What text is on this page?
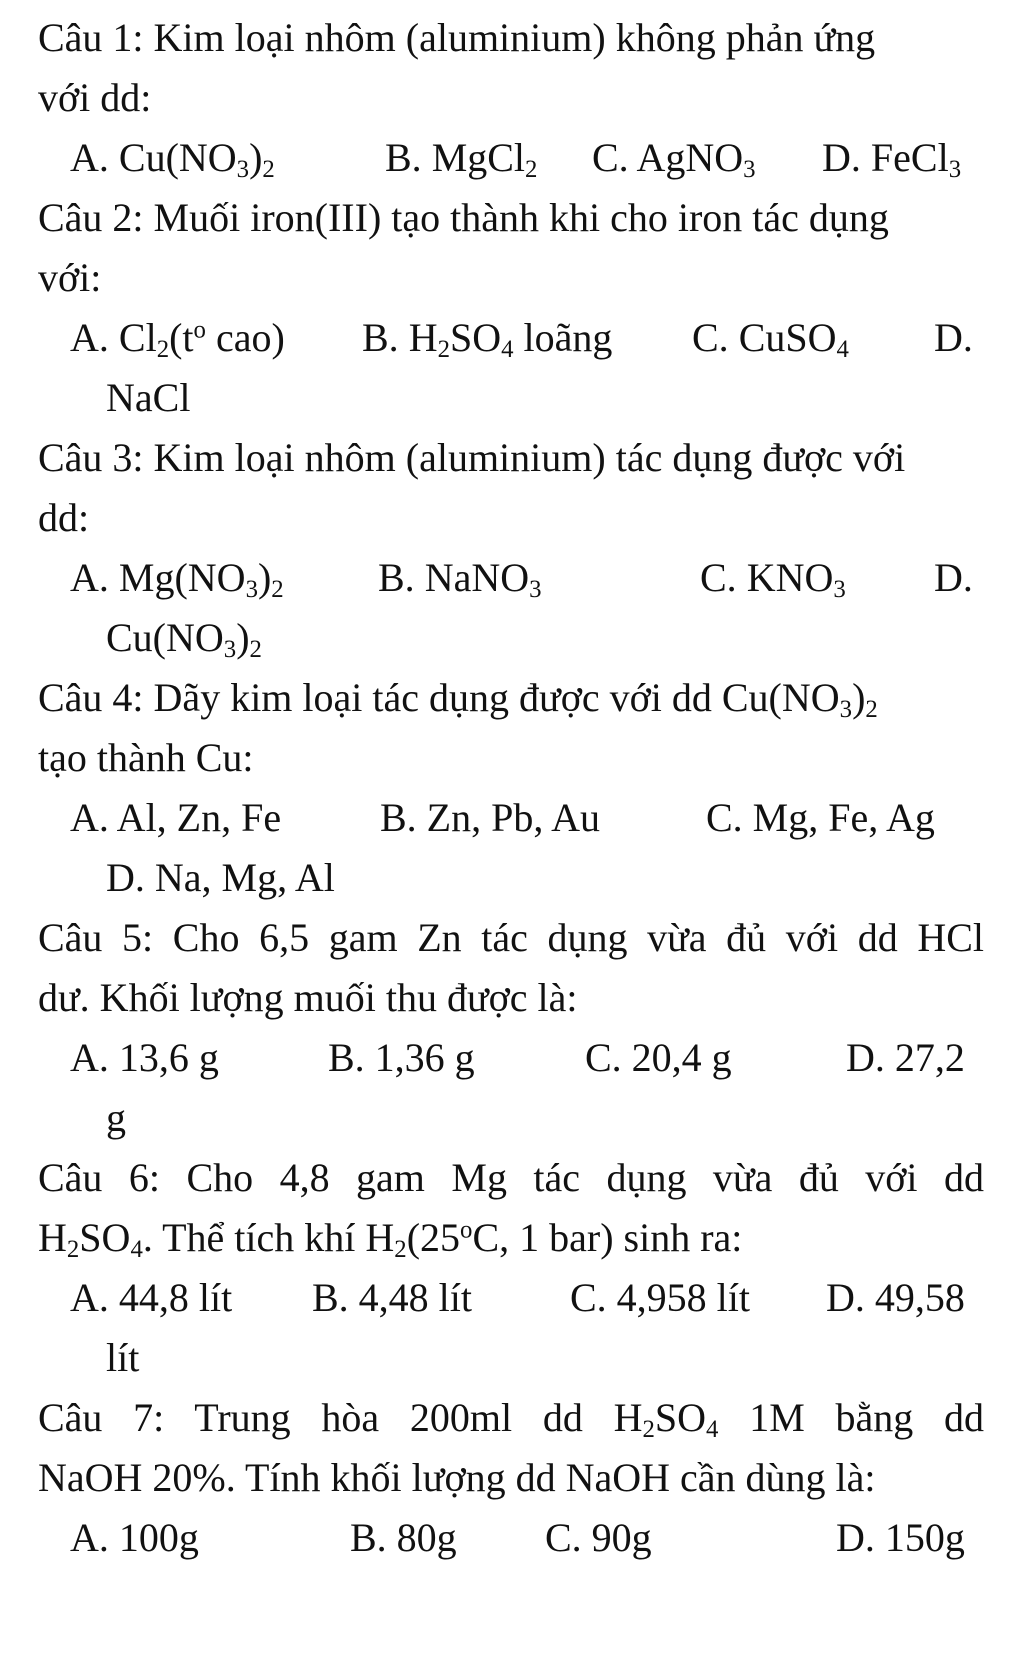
Câu 1: Kim loại nhôm (aluminium) không phản ứng
với dd:
A. $Cu(NO_3)_2$	B. MgCl$_2$ C. AgNO$_3$ D. FeCl$_3$
Câu 2: Muối iron(III) tạo thành khi cho iron tác dụng
với:
A. $Cl_2(t^o$ cao) B. $H_2SO_4$ loãng C. CuSO$_4$ D.
NaCl
Câu 3: Kim loại nhôm (aluminium) tác dụng được với
dd:
A. $Mg(NO_3)_2$ B. NaNO$_3$	C. $KNO_3$ D.
$Cu(NO_3)_2$
Câu 4: Dãy kim loại tác dụng được với dd $Cu(NO_3)_2$
tạo thành Cu:
A. Al, Zn, Fe B. Zn, Pb, Au	C. Mg, Fe, Ag
D. Na, Mg, Al
Câu 5: Cho 6,5 gam Zn tác dụng vừa đủ với dd HCl
dư. Khối lượng muối thu được là:
A. 13,6 g	B. 1,36 g	C. 20,4 g	D. 27,2
g
Câu 6: Cho 4,8 gam Mg tác dụng vừa đủ với dd
$H_2SO_4$. Thể tích khí $H_2(25^oC$, 1 bar) sinh ra:
A. 44,8 lít B. 4,48 lít C. 4,958 lít D. 49,58
lít
Câu 7: Trung hòa 200ml dd $H_2SO_4$ 1M bằng dd
NaOH 20%. Tính khối lượng dd NaOH cần dùng là:
A. 100g	B. 80g C. 90g	D. 150g
